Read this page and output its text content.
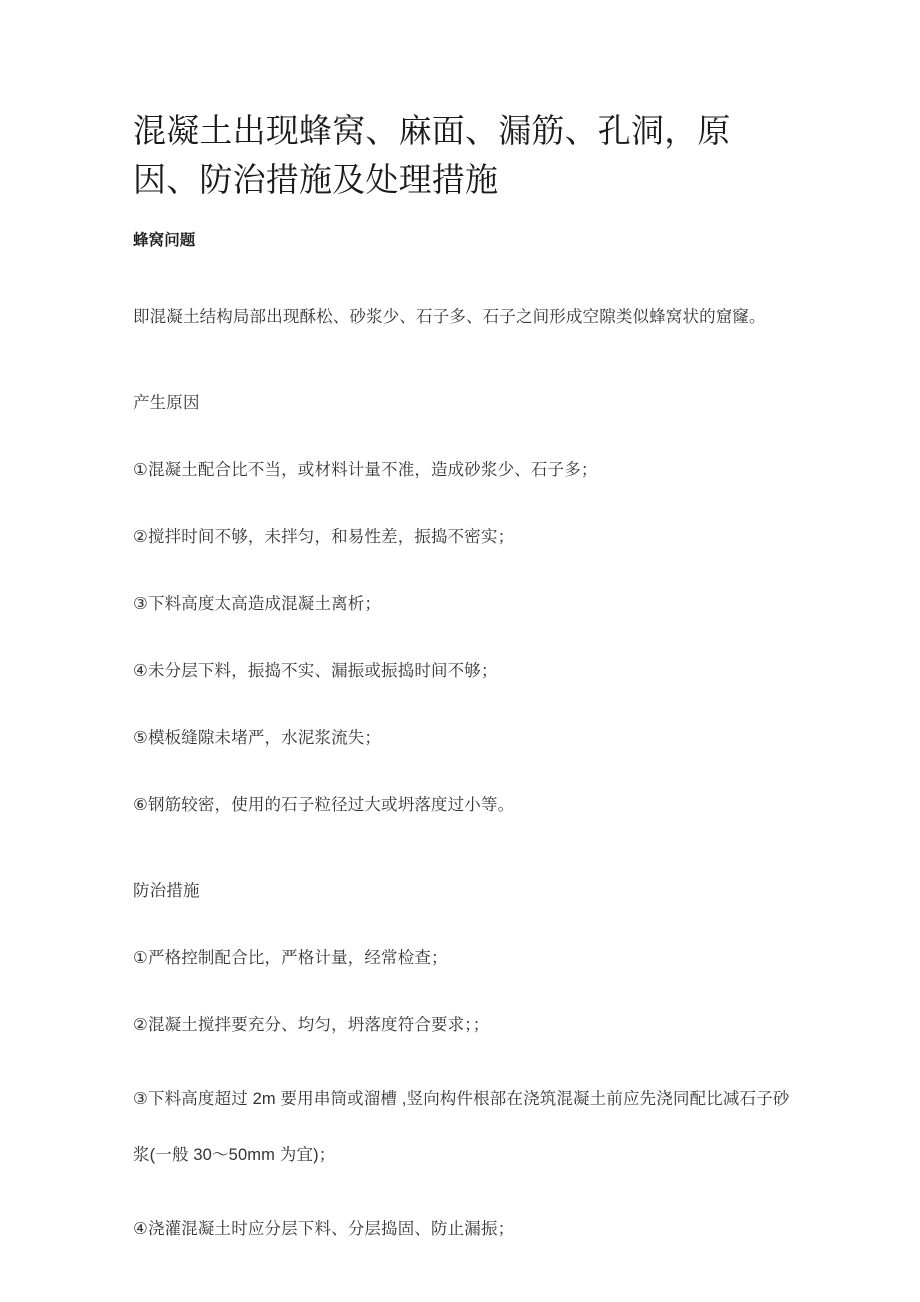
混凝土出现蜂窝、麻面、漏筋、孔洞，原因、防治措施及处理措施
蜂窝问题

即混凝土结构局部出现酥松、砂浆少、石子多、石子之间形成空隙类似蜂窝状的窟窿。

产生原因

①混凝土配合比不当，或材料计量不准，造成砂浆少、石子多；

②搅拌时间不够，未拌匀，和易性差，振捣不密实；

③下料高度太高造成混凝土离析；

④未分层下料，振捣不实、漏振或振捣时间不够；

⑤模板缝隙未堵严，水泥浆流失；

⑥钢筋较密，使用的石子粒径过大或坍落度过小等。

防治措施

①严格控制配合比，严格计量，经常检查；

②混凝土搅拌要充分、均匀，坍落度符合要求；；

③下料高度超过 2m 要用串筒或溜槽 ,竖向构件根部在浇筑混凝土前应先浇同配比减石子砂浆(一般 30～50mm 为宜)；

④浇灌混凝土时应分层下料、分层捣固、防止漏振；
